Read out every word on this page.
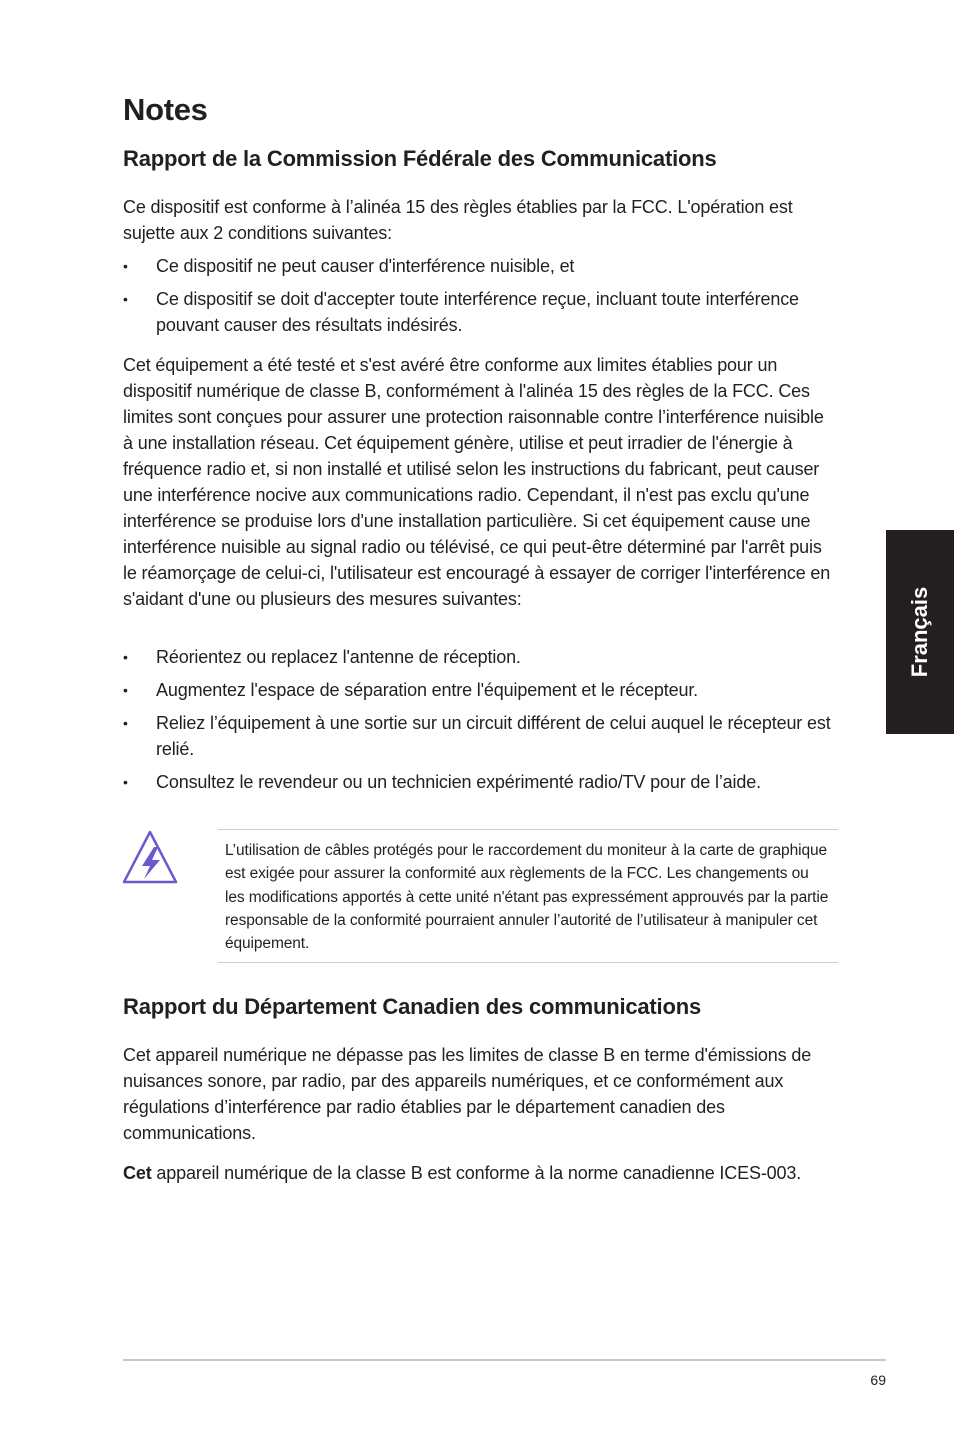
Notes
Rapport de la Commission Fédérale des Communications

Ce dispositif est conforme à l’alinéa 15 des règles établies par la FCC. L'opération est sujette aux 2 conditions suivantes:

• Ce dispositif ne peut causer d'interférence nuisible, et
• Ce dispositif se doit d'accepter toute interférence reçue, incluant toute interférence pouvant causer des résultats indésirés.

Cet équipement a été testé et s'est avéré être conforme aux limites établies pour un dispositif numérique de classe B, conformément à l'alinéa 15 des règles de la FCC. Ces limites sont conçues pour assurer une protection raisonnable contre l’interférence nuisible à une installation réseau. Cet équipement génère, utilise et peut irradier de l'énergie à fréquence radio et, si non installé et utilisé selon les instructions du fabricant, peut causer une interférence nocive aux communications radio. Cependant, il n'est pas exclu qu'une interférence se produise lors d'une installation particulière. Si cet équipement cause une interférence nuisible au signal radio ou télévisé, ce qui peut-être déterminé par l'arrêt puis le réamorçage de celui-ci, l'utilisateur est encouragé à essayer de corriger l'interférence en s'aidant d'une ou plusieurs des mesures suivantes:

• Réorientez ou replacez l'antenne de réception.
• Augmentez l'espace de séparation entre l'équipement et le récepteur.
• Reliez l’équipement à une sortie sur un circuit différent de celui auquel le récepteur est relié.
• Consultez le revendeur ou un technicien expérimenté radio/TV pour de l’aide.

L’utilisation de câbles protégés pour le raccordement du moniteur à la carte de graphique est exigée pour assurer la conformité aux règlements de la FCC. Les changements ou les modifications apportés à cette unité n'étant pas expressément approuvés par la partie responsable de la conformité pourraient annuler l’autorité de l’utilisateur à manipuler cet équipement.

Rapport du Département Canadien des communications

Cet appareil numérique ne dépasse pas les limites de classe B en terme d'émissions de nuisances sonore, par radio, par des appareils numériques, et ce conformément aux régulations d’interférence par radio établies par le département canadien des communications.

Cet appareil numérique de la classe B est conforme à la norme canadienne ICES-003.

Français
69
